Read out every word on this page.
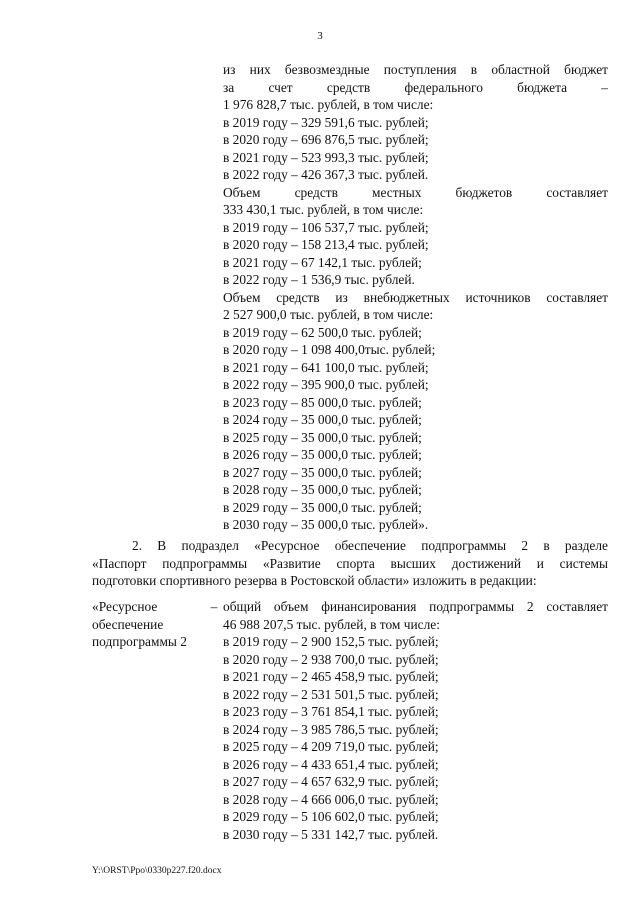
3
из них безвозмездные поступления в областной бюджет
за счет средств федерального бюджета –
1 976 828,7 тыс. рублей, в том числе:
в 2019 году – 329 591,6 тыс. рублей;
в 2020 году – 696 876,5 тыс. рублей;
в 2021 году – 523 993,3 тыс. рублей;
в 2022 году – 426 367,3 тыс. рублей.
Объем средств местных бюджетов составляет
333 430,1 тыс. рублей, в том числе:
в 2019 году – 106 537,7 тыс. рублей;
в 2020 году – 158 213,4 тыс. рублей;
в 2021 году – 67 142,1 тыс. рублей;
в 2022 году – 1 536,9 тыс. рублей.
Объем средств из внебюджетных источников составляет
2 527 900,0 тыс. рублей, в том числе:
в 2019 году – 62 500,0 тыс. рублей;
в 2020 году – 1 098 400,0тыс. рублей;
в 2021 году – 641 100,0 тыс. рублей;
в 2022 году – 395 900,0 тыс. рублей;
в 2023 году – 85 000,0 тыс. рублей;
в 2024 году – 35 000,0 тыс. рублей;
в 2025 году – 35 000,0 тыс. рублей;
в 2026 году – 35 000,0 тыс. рублей;
в 2027 году – 35 000,0 тыс. рублей;
в 2028 году – 35 000,0 тыс. рублей;
в 2029 году – 35 000,0 тыс. рублей;
в 2030 году – 35 000,0 тыс. рублей».
2. В подраздел «Ресурсное обеспечение подпрограммы 2 в разделе
«Паспорт подпрограммы «Развитие спорта высших достижений и системы
подготовки спортивного резерва в Ростовской области» изложить в редакции:
«Ресурсное
обеспечение
подпрограммы 2
– общий объем финансирования подпрограммы 2 составляет
46 988 207,5 тыс. рублей, в том числе:
в 2019 году – 2 900 152,5 тыс. рублей;
в 2020 году – 2 938 700,0 тыс. рублей;
в 2021 году – 2 465 458,9 тыс. рублей;
в 2022 году – 2 531 501,5 тыс. рублей;
в 2023 году – 3 761 854,1 тыс. рублей;
в 2024 году – 3 985 786,5 тыс. рублей;
в 2025 году – 4 209 719,0 тыс. рублей;
в 2026 году – 4 433 651,4 тыс. рублей;
в 2027 году – 4 657 632,9 тыс. рублей;
в 2028 году – 4 666 006,0 тыс. рублей;
в 2029 году – 5 106 602,0 тыс. рублей;
в 2030 году – 5 331 142,7 тыс. рублей.
Y:\ORST\Ppo\0330p227.f20.docx
